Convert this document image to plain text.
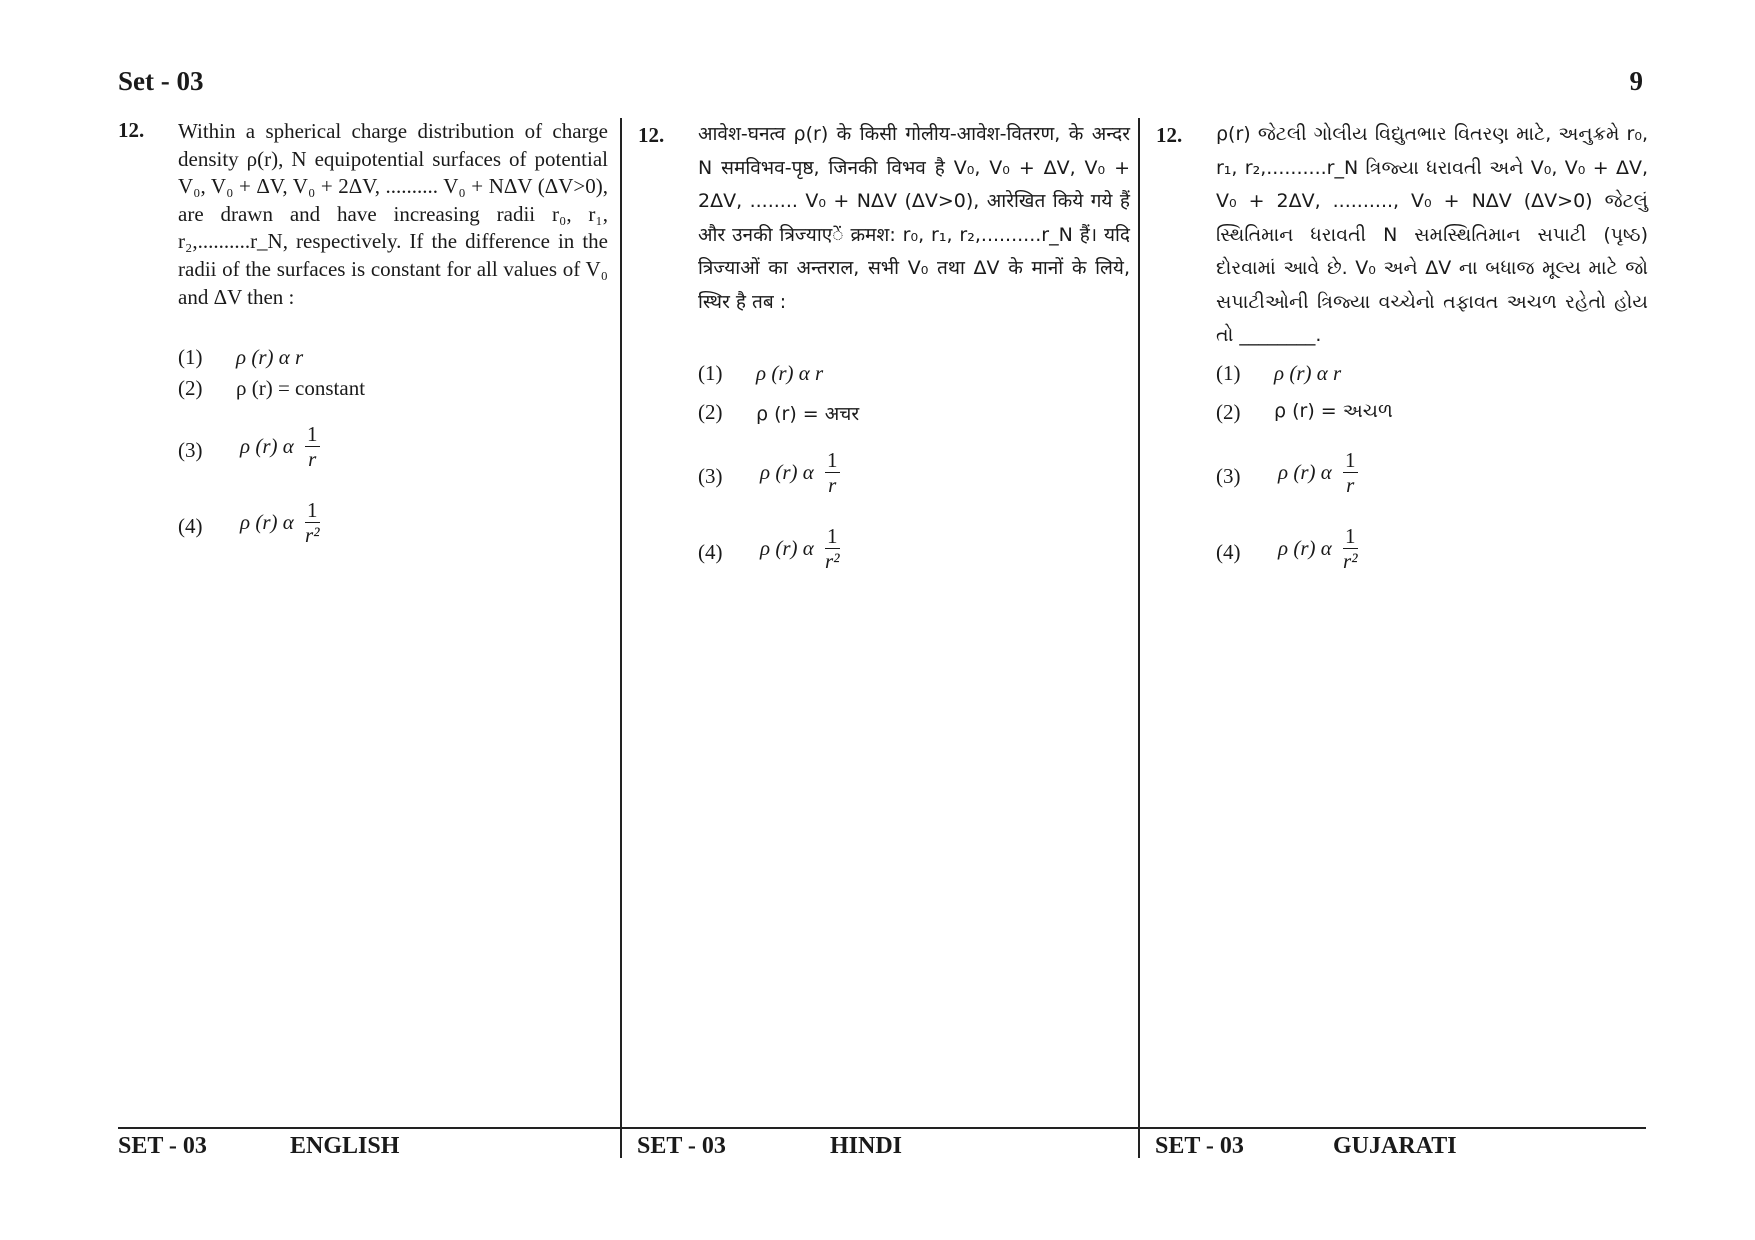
Set - 03	9
12. Within a spherical charge distribution of charge density ρ(r), N equipotential surfaces of potential V₀, V₀ + ΔV, V₀ + 2ΔV, .......... V₀ + NΔV (ΔV>0), are drawn and have increasing radii r₀, r₁, r₂,..........r_N, respectively. If the difference in the radii of the surfaces is constant for all values of V₀ and ΔV then :
(1) ρ (r) α r
(2) ρ (r) = constant
(3) ρ (r) α $\frac{1}{r}$
(4) ρ (r) α $\frac{1}{\text{r²}}$
12. आवेश-घनत्व ρ(r) के किसी गोलीय-आवेश-वितरण, के अन्दर N समविभव-पृष्ठ, जिनकी विभव है V₀, V₀ + ΔV, V₀ + 2ΔV, ........ V₀ + NΔV (ΔV>0), आरेखित किये गये हैं और उनकी त्रिज्याएें क्रमश: r₀, r₁, r₂,..........r_N हैं। यदि त्रिज्याओं का अन्तराल, सभी V₀ तथा ΔV के मानों के लिये, स्थिर है तब :
(1) ρ (r) α r
(2) ρ (r) = अचर
(3) ρ (r) α $\frac{1}{r}$
(4) ρ (r) α $\frac{1}{\text{r²}}$
12. ρ(r) જેટલી ગોલીય વિદ્યુતભાર વિતરણ માટે, અનુક્રમે r₀, r₁, r₂,..........r_N ત્રિજ્યા ધરાવતી અને V₀, V₀ + ΔV, V₀ + 2ΔV, .........., V₀ + NΔV (ΔV>0) જેટલું સ્થિતિમાન ધરાવતી N સમસ્થિતિમાન સપાટી (પૃષ્ઠ) દોરવામાં આવે છે. V₀ અને ΔV ના બધાજ મૂલ્ય માટે જો સપાટીઓની ત્રિજ્યા વચ્ચેનો તફાવત અચળ રહેતો હોય તો ________.
(1) ρ (r) α r
(2) ρ (r) = અચળ
(3) ρ (r) α $\frac{1}{r}$
(4) ρ (r) α $\frac{1}{\text{r²}}$
SET - 03	ENGLISH	SET - 03	HINDI	SET - 03	GUJARATI
